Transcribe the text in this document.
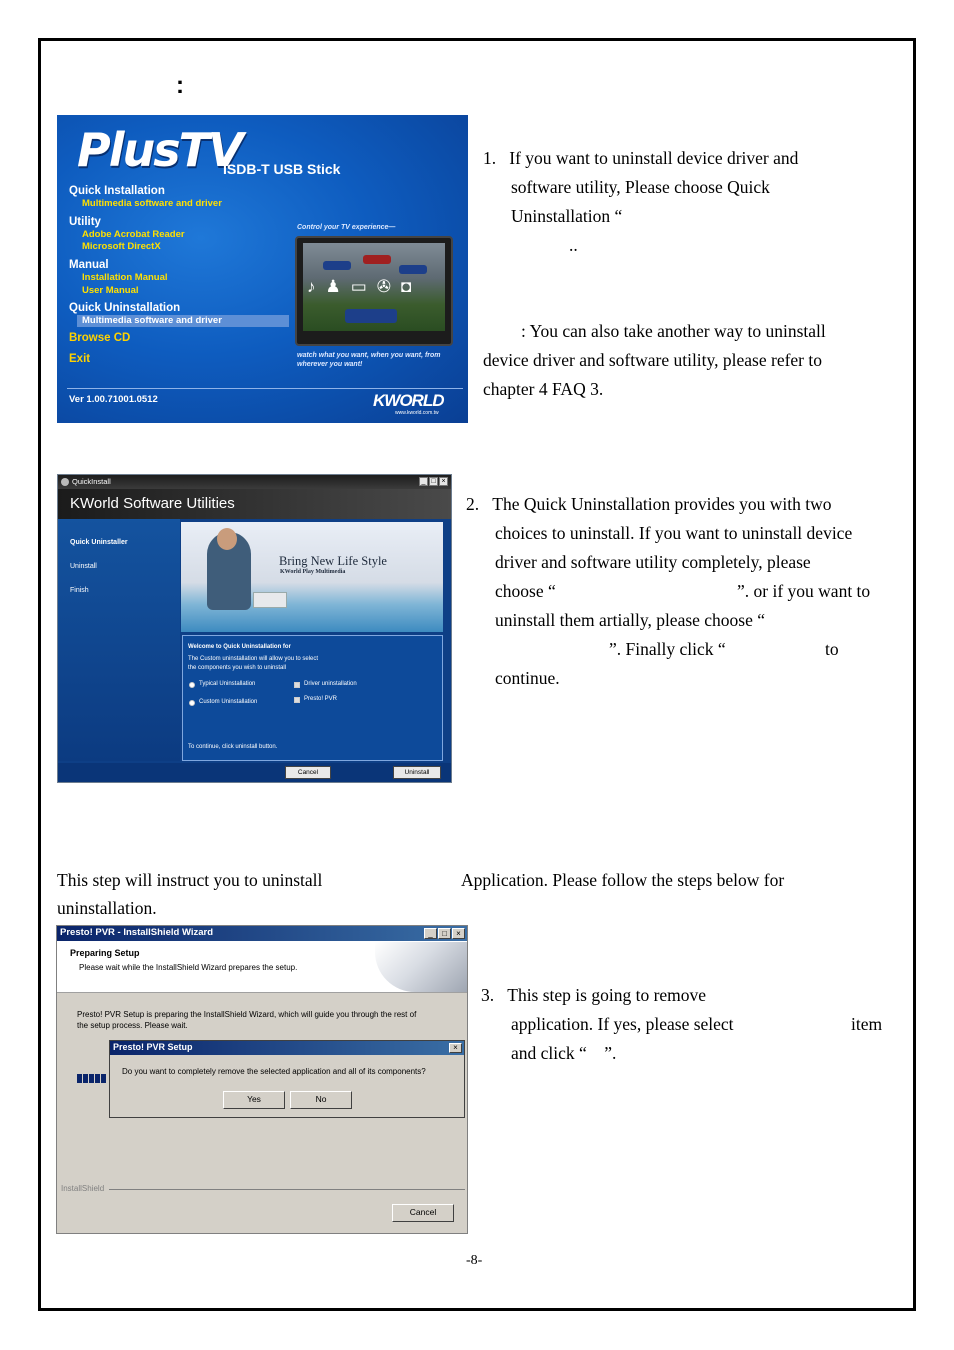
:
PlusTV
ISDB-T USB Stick
Quick Installation
Multimedia software and driver
Utility
Adobe Acrobat Reader
Microsoft DirectX
Manual
Installation Manual
User Manual
Quick Uninstallation
Multimedia software and driver
Browse CD
Exit
Control your TV experience—
♪♟▭✇◘
watch what you want, when you want, from
wherever you want!
Ver 1.00.71001.0512	KWORLD
www.kworld.com.tw
1.   If you want to uninstall device driver and
software utility, Please choose Quick
Uninstallation “
..
: You can also take another way to uninstall
device driver and software utility, please refer to
chapter 4 FAQ 3.
QuickInstall	_ □ ×
KWorld Software Utilities
Quick Uninstaller
Uninstall
Finish
Bring New Life Style
KWorld Play Multimedia
Welcome to Quick Uninstallation for
The Custom uninstallation will allow you to select
the components you wish to uninstall
Typical Uninstallation
Custom Uninstallation
Driver uninstallation
Presto! PVR
To continue, click uninstall button.
Cancel	Uninstall
2.   The Quick Uninstallation provides you with two
choices to uninstall. If you want to uninstall device
driver and software utility completely, please
choose “	”. or if you want to
uninstall them artially, please choose “
”. Finally click “	to
continue.
This step will instruct you to uninstall	Application. Please follow the steps below for
uninstallation.
Presto! PVR - InstallShield Wizard	_	□	×
Preparing Setup
Please wait while the InstallShield Wizard prepares the setup.
Presto! PVR Setup is preparing the InstallShield Wizard, which will guide you through the rest of
the setup process. Please wait.
Presto! PVR Setup	×
Do you want to completely remove the selected application and all of its components?
Yes	No
InstallShield
Cancel
3.   This step is going to remove
application. If yes, please select	item
and click “    ”.
-8-
